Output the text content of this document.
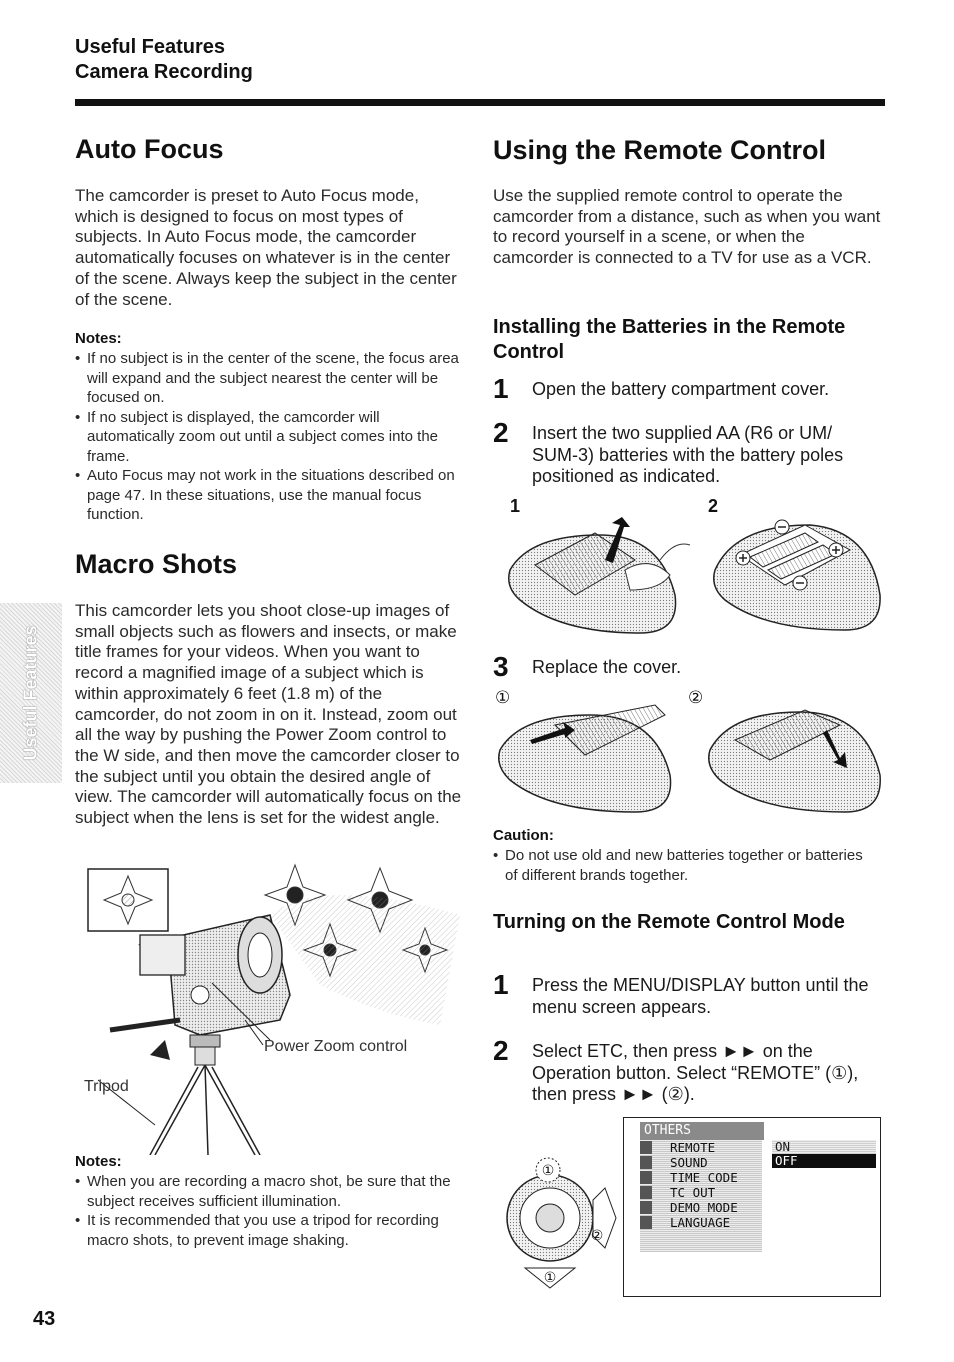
Useful Features
Camera Recording
Useful Features
Auto Focus
The camcorder is preset to Auto Focus mode, which is designed to focus on most types of subjects. In Auto Focus mode, the camcorder automatically focuses on whatever is in the center of the scene. Always keep the subject in the center of the scene.
Notes:
• If no subject is in the center of the scene, the focus area will expand and the subject nearest the center will be focused on.
• If no subject is displayed, the camcorder will automatically zoom out until a subject comes into the frame.
• Auto Focus may not work in the situations described on page 47. In these situations, use the manual focus function.
Macro Shots
This camcorder lets you shoot close-up images of small objects such as flowers and insects, or make title frames for your videos. When you want to record a magnified image of a subject which is within approximately 6 feet (1.8 m) of the camcorder, do not zoom in on it. Instead, zoom out all the way by pushing the Power Zoom control to the W side, and then move the camcorder closer to the subject until you obtain the desired angle of view. The camcorder will automatically focus on the subject when the lens is set for the widest angle.
Power Zoom control
Tripod
Notes:
• When you are recording a macro shot, be sure that the subject receives sufficient illumination.
• It is recommended that you use a tripod for recording macro shots, to prevent image shaking.
Using the Remote Control
Use the supplied remote control to operate the camcorder from a distance, such as when you want to record yourself in a scene, or when the camcorder is connected to a TV for use as a VCR.
Installing the Batteries in the Remote Control
1 Open the battery compartment cover.
2 Insert the two supplied AA (R6 or UM/ SUM-3) batteries with the battery poles positioned as indicated.
1	2
3 Replace the cover.
①	②
Caution:
• Do not use old and new batteries together or batteries of different brands together.
Turning on the Remote Control Mode
1 Press the MENU/DISPLAY button until the menu screen appears.
2 Select ETC, then press ►► on the Operation button. Select “REMOTE” (①), then press ►► (②).
①
②
①
OTHERS
REMOTE
SOUND
TIME CODE
TC OUT
DEMO MODE
LANGUAGE
ON
OFF
43
